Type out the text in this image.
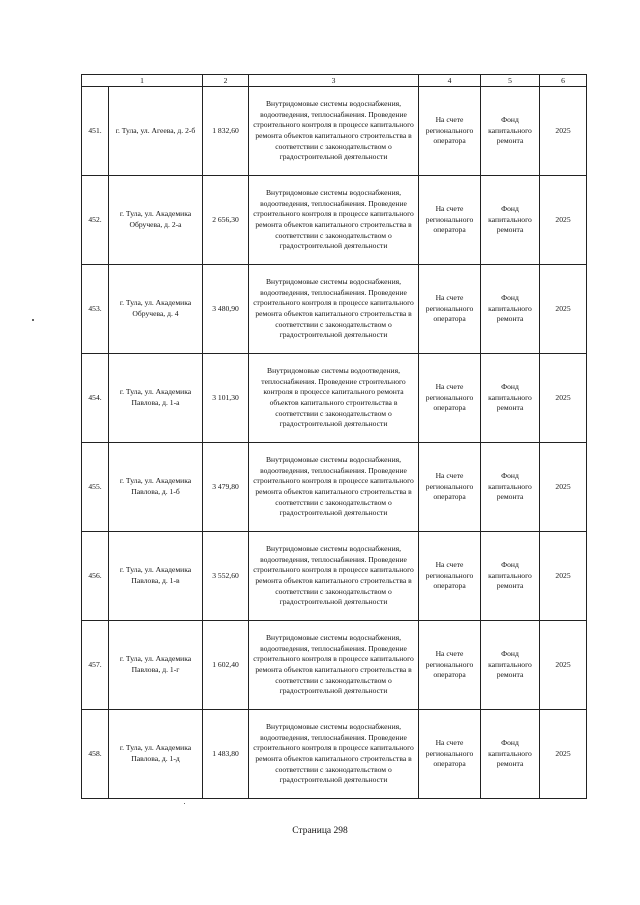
1		2	3	4	5	6
451.	г. Тула, ул. Агеева, д. 2-б	1 832,60	Внутридомовые системы водоснабжения, водоотведения, теплоснабжения. Проведение строительного контроля в процессе капитального ремонта объектов капитального строительства в соответствии с законодательством о градостроительной деятельности	На счете регионального оператора	Фонд капитального ремонта	2025
452.	г. Тула, ул. Академика Обручева, д. 2-а	2 656,30	Внутридомовые системы водоснабжения, водоотведения, теплоснабжения. Проведение строительного контроля в процессе капитального ремонта объектов капитального строительства в соответствии с законодательством о градостроительной деятельности	На счете регионального оператора	Фонд капитального ремонта	2025
453.	г. Тула, ул. Академика Обручева, д. 4	3 480,90	Внутридомовые системы водоснабжения, водоотведения, теплоснабжения. Проведение строительного контроля в процессе капитального ремонта объектов капитального строительства в соответствии с законодательством о градостроительной деятельности	На счете регионального оператора	Фонд капитального ремонта	2025
454.	г. Тула, ул. Академика Павлова, д. 1-а	3 101,30	Внутридомовые системы водоотведения, теплоснабжения. Проведение строительного контроля в процессе капитального ремонта объектов капитального строительства в соответствии с законодательством о градостроительной деятельности	На счете регионального оператора	Фонд капитального ремонта	2025
455.	г. Тула, ул. Академика Павлова, д. 1-б	3 479,80	Внутридомовые системы водоснабжения, водоотведения, теплоснабжения. Проведение строительного контроля в процессе капитального ремонта объектов капитального строительства в соответствии с законодательством о градостроительной деятельности	На счете регионального оператора	Фонд капитального ремонта	2025
456.	г. Тула, ул. Академика Павлова, д. 1-в	3 552,60	Внутридомовые системы водоснабжения, водоотведения, теплоснабжения. Проведение строительного контроля в процессе капитального ремонта объектов капитального строительства в соответствии с законодательством о градостроительной деятельности	На счете регионального оператора	Фонд капитального ремонта	2025
457.	г. Тула, ул. Академика Павлова, д. 1-г	1 602,40	Внутридомовые системы водоснабжения, водоотведения, теплоснабжения. Проведение строительного контроля в процессе капитального ремонта объектов капитального строительства в соответствии с законодательством о градостроительной деятельности	На счете регионального оператора	Фонд капитального ремонта	2025
458.	г. Тула, ул. Академика Павлова, д. 1-д	1 483,80	Внутридомовые системы водоснабжения, водоотведения, теплоснабжения. Проведение строительного контроля в процессе капитального ремонта объектов капитального строительства в соответствии с законодательством о градостроительной деятельности	На счете регионального оператора	Фонд капитального ремонта	2025
Страница 298
